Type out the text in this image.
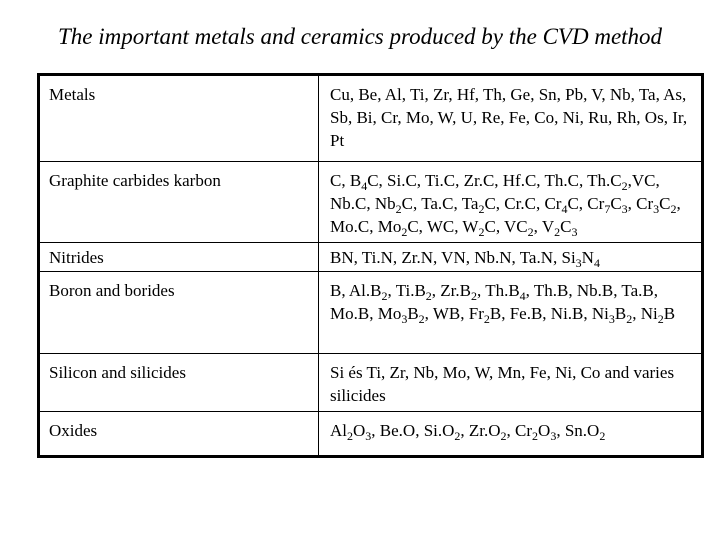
The important metals and ceramics produced by the CVD method
Metals	Cu, Be, Al, Ti, Zr, Hf, Th, Ge, Sn, Pb, V, Nb, Ta, As, Sb, Bi, Cr, Mo, W, U, Re, Fe, Co, Ni, Ru, Rh, Os, Ir, Pt
Graphite carbides karbon	C, $B_4C$, Si.C, Ti.C, Zr.C, Hf.C, Th.C, $Th.C_2,VC$, Nb.C, $Nb_2C$, Ta.C, $Ta_2C$, Cr.C, $Cr_4C$, $Cr_7C_3$, $Cr_3C_2$, Mo.C, $Mo_2C$, WC, $W_2C$, $VC_2$, $V_2C_3$
Nitrides	BN, Ti.N, Zr.N, VN, Nb.N, Ta.N, $Si_3N_4$
Boron and borides	B, $Al.B_2$, $Ti.B_2$, $Zr.B_2$, $Th.B_4$, Th.B, Nb.B, Ta.B, Mo.B, $Mo_3B_2$, WB, $Fr_2B$, Fe.B, Ni.B, $Ni_3B_2$, $Ni_2B$
Silicon and silicides	Si és Ti, Zr, Nb, Mo, W, Mn, Fe, Ni, Co and varies silicides
Oxides	$Al_2O_3$, Be.O, $Si.O_2$, $Zr.O_2$, $Cr_2O_3$, $Sn.O_2$
